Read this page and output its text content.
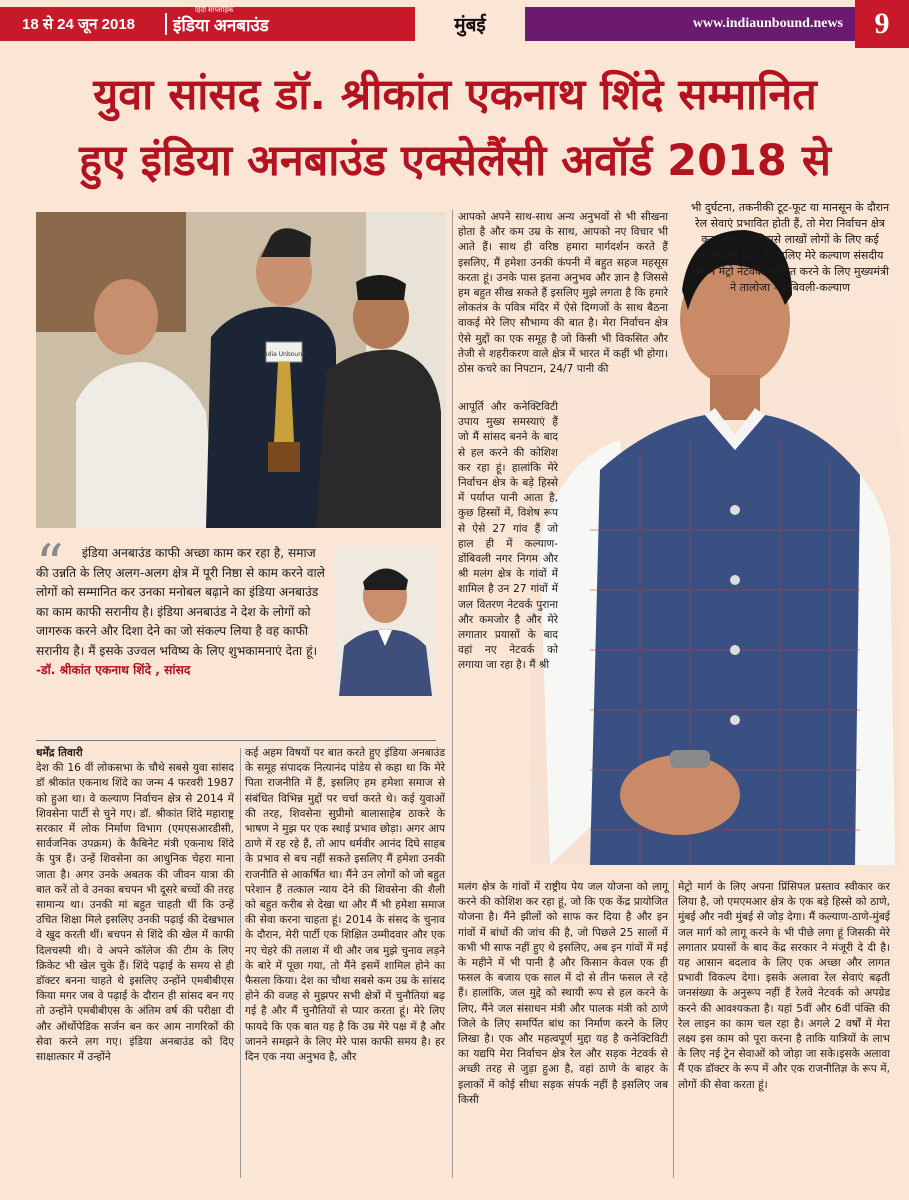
18 से 24 जून 2018
हिंदी साप्ताहिक
इंडिया अनबाउंड	मुंबई	www.indiaunbound.news	9
युवा सांसद डॉ. श्रीकांत एकनाथ शिंदे सम्मानित
हुए इंडिया अनबाउंड एक्सेलैंसी अवॉर्ड 2018 से
India Unbound
“	इंडिया अनबाउंड काफी अच्छा काम कर रहा है, समाज की उन्नति के लिए अलग-अलग क्षेत्र में पूरी निष्ठा से काम करने वाले लोगों को सम्मानित कर उनका मनोबल बढ़ाने का इंडिया अनबाउंड का काम काफी सरानीय है। इंडिया अनबाउंड ने देश के लोगों को जागरुक करने और दिशा देने का जो संकल्प लिया है वह काफी सरानीय है। मैं इसके उज्वल भविष्य के लिए शुभकामनाएं देता हूं। -डॉ. श्रीकांत एकनाथ शिंदे , सांसद

धर्मेंद्र तिवारी
देश की 16 वीं लोकसभा के चौथे सबसे युवा सांसद डॉ श्रीकांत एकनाथ शिंदे का जन्म 4 फरवरी 1987 को हुआ था। वे कल्याण निर्वाचन क्षेत्र से 2014 में शिवसेना पार्टी से चुने गए। डॉ. श्रीकांत शिंदे महाराष्ट्र सरकार में लोक निर्माण विभाग (एमएसआरडीसी, सार्वजनिक उपक्रम) के कैबिनेट मंत्री एकनाथ शिंदे के पुत्र हैं। उन्हें शिवसेना का आधुनिक चेहरा माना जाता है। अगर उनके अबतक की जीवन यात्रा की बात करें तो वे उनका बचपन भी दूसरे बच्चों की तरह सामान्य था। उनकी मां बहुत चाहती थीं कि उन्हें उचित शिक्षा मिले इसलिए उनकी पढ़ाई की देखभाल वे खुद करती थीं। बचपन से शिंदे की खेल में काफी दिलचस्पी थी। वे अपने कॉलेज की टीम के लिए क्रिकेट भी खेल चुके हैं। शिंदे पढ़ाई के समय से ही डॉक्टर बनना चाहते थे इसलिए उन्होंने एमबीबीएस किया मगर जब वे पढ़ाई के दौरान ही सांसद बन गए तो उन्होंने एमबीबीएस के अंतिम वर्ष की परीक्षा दी और ऑर्थोपेडिक सर्जन बन कर आम नागरिकों की सेवा करने लग गए। इंडिया अनबाउंड को दिए साक्षात्कार में उन्होंने
कई अहम विषयों पर बात करते हुए इंडिया अनबाउंड के समूह संपादक नित्यानंद पांडेय से कहा था कि मेरे पिता राजनीति में हैं, इसलिए हम हमेशा समाज से संबंधित विभिन्न मुद्दों पर चर्चा करते थे। कई युवाओं की तरह, शिवसेना सुप्रीमो बालासाहेब ठाकरे के भाषण ने मुझ पर एक स्थाई प्रभाव छोड़ा। अगर आप ठाणे में रह रहे हैं, तो आप धर्मवीर आनंद दिघे साहब के प्रभाव से बच नहीं सकते इसलिए मैं हमेशा उनकी राजनीति से आकर्षित था। मैंने उन लोगों को जो बहुत परेशान हैं तत्काल न्याय देने की शिवसेना की शैली को बहुत करीब से देखा था और मैं भी हमेशा समाज की सेवा करना चाहता हूं। 2014 के संसद के चुनाव के दौरान, मेरी पार्टी एक शिक्षित उम्मीदवार और एक नए चेहरे की तलाश में थी और जब मुझे चुनाव लड़ने के बारे में पूछा गया, तो मैंने इसमें शामिल होने का फैसला किया। देश का चौथा सबसे कम उम्र के सांसद होने की वजह से मुझपर सभी क्षेत्रों में चुनौतियां बढ़ गई है और मैं चुनौतियों से प्यार करता हूं। मेरे लिए फायदे कि एक बात यह है कि उम्र मेरे पक्ष में है और जानने समझने के लिए मेरे पास काफी समय है। हर दिन एक नया अनुभव है, और
आपको अपने साथ-साथ अन्य अनुभवों से भी सीखना होता है और कम उम्र के साथ, आपको नए विचार भी आते हैं। साथ ही वरिष्ठ हमारा मार्गदर्शन करते हैं इसलिए, मैं हमेशा उनकी कंपनी में बहुत सहज महसूस करता हूं। उनके पास इतना अनुभव और ज्ञान है जिससे हम बहुत सीख सकते हैं इसलिए मुझे लगता है कि हमारे लोकतंत्र के पवित्र मंदिर में ऐसे दिग्गजों के साथ बैठना वाकई मेरे लिए सौभाग्य की बात है। मेरा निर्वाचन क्षेत्र ऐसे मुद्दों का एक समूह है जो किसी भी विकसित और तेजी से शहरीकरण वाले क्षेत्र में भारत में कहीं भी होगा। ठोस कचरे का निपटान, 24/7 पानी की
आपूर्ति और कनेक्टिविटी उपाय मुख्य समस्याएं हैं जो मैं सांसद बनने के बाद से हल करने की कोशिश कर रहा हूं। हालांकि मेरे निर्वाचन क्षेत्र के बड़े हिस्से में पर्याप्त पानी आता है, कुछ हिस्सों में, विशेष रूप से ऐसे 27 गांव हैं जो हाल ही में कल्याण-डोंबिवली नगर निगम और श्री मलंग क्षेत्र के गांवों में शामिल है उन 27 गांवों में जल वितरण नेटवर्क पुराना और कमजोर है और मेरे लगातार प्रयासों के बाद वहां नए नेटवर्क को लगाया जा रहा है। मैं श्री
भी दुर्घटना, तकनीकी टूट-फूट या मानसून के दौरान रेल सेवाएं प्रभावित होती हैं, तो मेरा निर्वाचन क्षेत्र कट जाता है, जिससे लाखों लोगों के लिए कई कठिनाइयां होती हैं इसलिए मेरे कल्याण संसदीय क्षेत्र में मेट्रो नेटवर्क स्थापित करने के लिए मुख्यमंत्री ने तालोजा - डोंबिवली-कल्याण
मलंग क्षेत्र के गांवों में राष्ट्रीय पेय जल योजना को लागू करने की कोशिश कर रहा हूं, जो कि एक केंद्र प्रायोजित योजना है। मैंने झीलों को साफ कर दिया है और इन गांवों में बांधों की जांच की है, जो पिछले 25 सालों में कभी भी साफ नहीं हुए थे इसलिए, अब इन गांवों में मई के महीने में भी पानी है और किसान केवल एक ही फसल के बजाय एक साल में दो से तीन फसल ले रहे हैं। हालांकि, जल मुद्दे को स्थायी रूप से हल करने के लिए, मैंने जल संसाधन मंत्री और पालक मंत्री को ठाणे जिले के लिए समर्पित बांध का निर्माण करने के लिए लिखा है। एक और महत्वपूर्ण मुद्दा यह है कनेक्टिविटी का यद्यपि मेरा निर्वाचन क्षेत्र रेल और सड़क नेटवर्क से अच्छी तरह से जुड़ा हुआ है, वहां ठाणे के बाहर के इलाकों में कोई सीधा सड़क संपर्क नहीं है इसलिए जब किसी
मेट्रो मार्ग के लिए अपना प्रिंसिपल प्रस्ताव स्वीकार कर लिया है, जो एमएमआर क्षेत्र के एक बड़े हिस्से को ठाणे, मुंबई और नवी मुंबई से जोड़ देगा। मैं कल्याण-ठाणे-मुंबई जल मार्ग को लागू करने के भी पीछे लगा हूं जिसकी मेरे लगातार प्रयासों के बाद केंद्र सरकार ने मंजूरी दे दी है। यह आसान बदलाव के लिए एक अच्छा और लागत प्रभावी विकल्प देगा। इसके अलावा रेल सेवाएं बढ़ती जनसंख्या के अनुरूप नहीं हैं रेलवे नेटवर्क को अपग्रेड करने की आवश्यकता है। यहां 5वीं और 6वीं पंक्ति की रेल लाइन का काम चल रहा है। अगले 2 वर्षों में मेरा लक्ष्य इस काम को पूरा करना है ताकि यात्रियों के लाभ के लिए नई ट्रेन सेवाओं को जोड़ा जा सके।इसके अलावा मैं एक डॉक्टर के रूप में और एक राजनीतिज्ञ के रूप में, लोगों की सेवा करता हूं।
